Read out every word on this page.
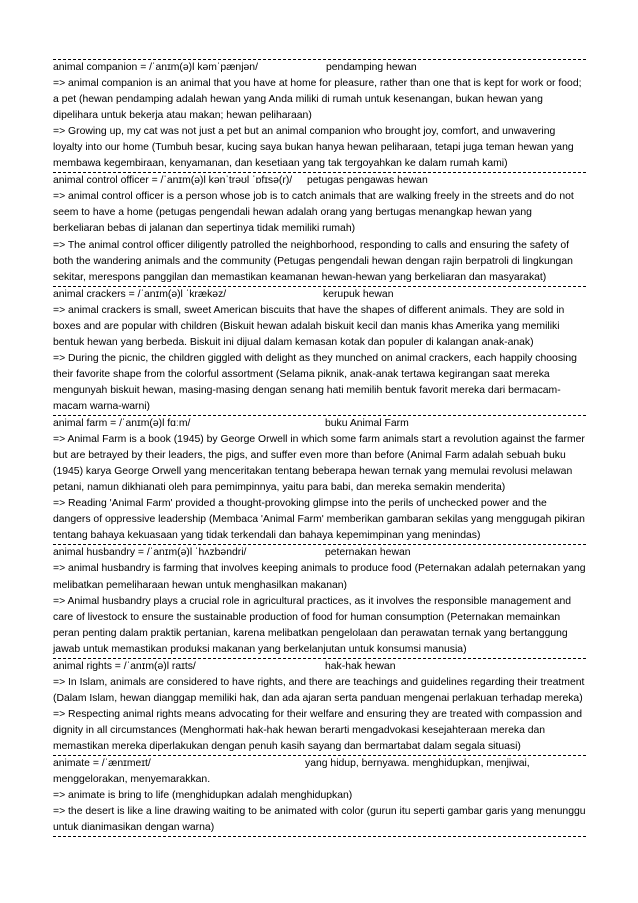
animal companion = /ˈanɪm(ə)l kəmˈpænjən/	pendamping hewan

=> animal companion is an animal that you have at home for pleasure, rather than one that is kept for work or food; a pet (hewan pendamping adalah hewan yang Anda miliki di rumah untuk kesenangan, bukan hewan yang dipelihara untuk bekerja atau makan; hewan peliharaan)

=> Growing up, my cat was not just a pet but an animal companion who brought joy, comfort, and unwavering loyalty into our home (Tumbuh besar, kucing saya bukan hanya hewan peliharaan, tetapi juga teman hewan yang membawa kegembiraan, kenyamanan, dan kesetiaan yang tak tergoyahkan ke dalam rumah kami)

animal control officer = /ˈanɪm(ə)l kənˈtrəʊl ˈɒfɪsə(r)/ petugas pengawas hewan

=> animal control officer is a person whose job is to catch animals that are walking freely in the streets and do not seem to have a home (petugas pengendali hewan adalah orang yang bertugas menangkap hewan yang berkeliaran bebas di jalanan dan sepertinya tidak memiliki rumah)

=> The animal control officer diligently patrolled the neighborhood, responding to calls and ensuring the safety of both the wandering animals and the community (Petugas pengendali hewan dengan rajin berpatroli di lingkungan sekitar, merespons panggilan dan memastikan keamanan hewan-hewan yang berkeliaran dan masyarakat)

animal crackers = /ˈanɪm(ə)l ˈkrækəz/	kerupuk hewan

=> animal crackers is small, sweet American biscuits that have the shapes of different animals. They are sold in boxes and are popular with children (Biskuit hewan adalah biskuit kecil dan manis khas Amerika yang memiliki bentuk hewan yang berbeda. Biskuit ini dijual dalam kemasan kotak dan populer di kalangan anak-anak)

=> During the picnic, the children giggled with delight as they munched on animal crackers, each happily choosing their favorite shape from the colorful assortment (Selama piknik, anak-anak tertawa kegirangan saat mereka mengunyah biskuit hewan, masing-masing dengan senang hati memilih bentuk favorit mereka dari bermacam-macam warna-warni)

animal farm = /ˈanɪm(ə)l fɑːm/	buku Animal Farm

=> Animal Farm is a book (1945) by George Orwell in which some farm animals start a revolution against the farmer but are betrayed by their leaders, the pigs, and suffer even more than before (Animal Farm adalah sebuah buku (1945) karya George Orwell yang menceritakan tentang beberapa hewan ternak yang memulai revolusi melawan petani, namun dikhianati oleh para pemimpinnya, yaitu para babi, dan mereka semakin menderita)

=> Reading 'Animal Farm' provided a thought-provoking glimpse into the perils of unchecked power and the dangers of oppressive leadership (Membaca 'Animal Farm' memberikan gambaran sekilas yang menggugah pikiran tentang bahaya kekuasaan yang tidak terkendali dan bahaya kepemimpinan yang menindas)

animal husbandry = /ˈanɪm(ə)l ˈhʌzbəndri/	peternakan hewan

=> animal husbandry is farming that involves keeping animals to produce food (Peternakan adalah peternakan yang melibatkan pemeliharaan hewan untuk menghasilkan makanan)

=> Animal husbandry plays a crucial role in agricultural practices, as it involves the responsible management and care of livestock to ensure the sustainable production of food for human consumption (Peternakan memainkan peran penting dalam praktik pertanian, karena melibatkan pengelolaan dan perawatan ternak yang bertanggung jawab untuk memastikan produksi makanan yang berkelanjutan untuk konsumsi manusia)

animal rights = /ˈanɪm(ə)l raɪts/	hak-hak hewan

=> In Islam, animals are considered to have rights, and there are teachings and guidelines regarding their treatment (Dalam Islam, hewan dianggap memiliki hak, dan ada ajaran serta panduan mengenai perlakuan terhadap mereka)

=> Respecting animal rights means advocating for their welfare and ensuring they are treated with compassion and dignity in all circumstances (Menghormati hak-hak hewan berarti mengadvokasi kesejahteraan mereka dan memastikan mereka diperlakukan dengan penuh kasih sayang dan bermartabat dalam segala situasi)

animate = /ˈænɪmeɪt/	yang hidup, bernyawa. menghidupkan, menjiwai, menggelorakan, menyemarakkan.

=> animate is bring to life (menghidupkan adalah menghidupkan)

=> the desert is like a line drawing waiting to be animated with color (gurun itu seperti gambar garis yang menunggu untuk dianimasikan dengan warna)
